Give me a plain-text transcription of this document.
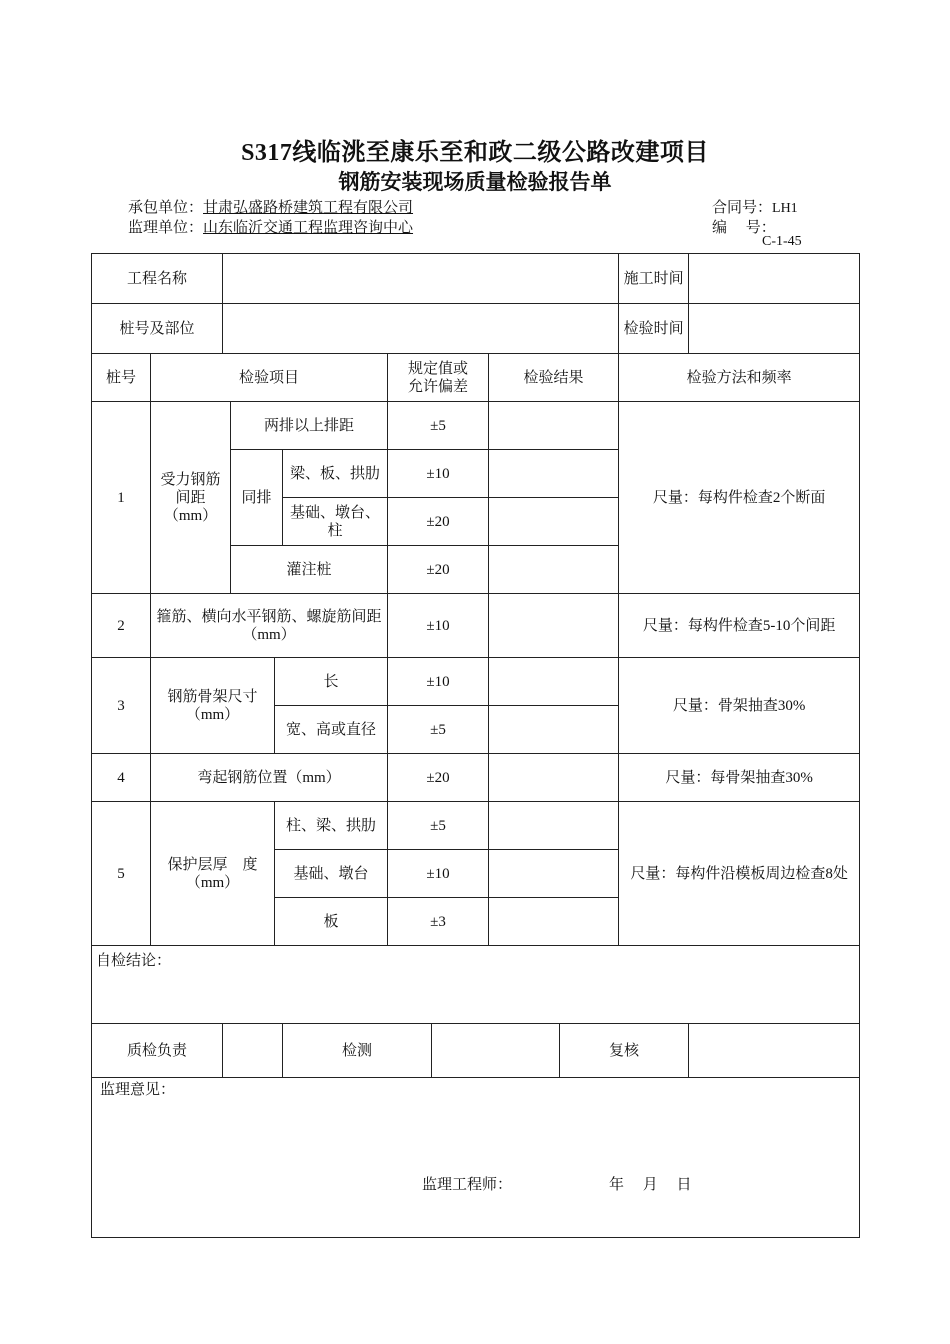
S317线临洮至康乐至和政二级公路改建项目
钢筋安装现场质量检验报告单
承包单位：甘肃弘盛路桥建筑工程有限公司
监理单位：山东临沂交通工程监理咨询中心
合同号：LH1
编　 号：
C-1-45
工程名称										施工时间	
桩号及部位										检验时间	
桩号	检验项目					规定值或允许偏差		检验结果		检验方法和频率	
1	受力钢筋间距（mm）		两排以上排距			±5				尺量：每构件检查2个断面	
			同排		梁、板、拱肋	±10					
					基础、墩台、柱	±20					
			灌注桩			±20					
2	箍筋、横向水平钢筋、螺旋筋间距（mm）					±10				尺量：每构件检查5-10个间距	
3	钢筋骨架尺寸（mm）			长		±10				尺量：骨架抽查30%	
				宽、高或直径		±5					
4	弯起钢筋位置（mm）					±20				尺量：每骨架抽查30%	
5	保护层厚　度（mm）			柱、梁、拱肋		±5				尺量：每构件沿模板周边检查8处	
				基础、墩台		±10					
				板		±3					
自检结论：											
质检负责					检测				复核		

监理意见：
监理工程师： 年　 月　 日											
